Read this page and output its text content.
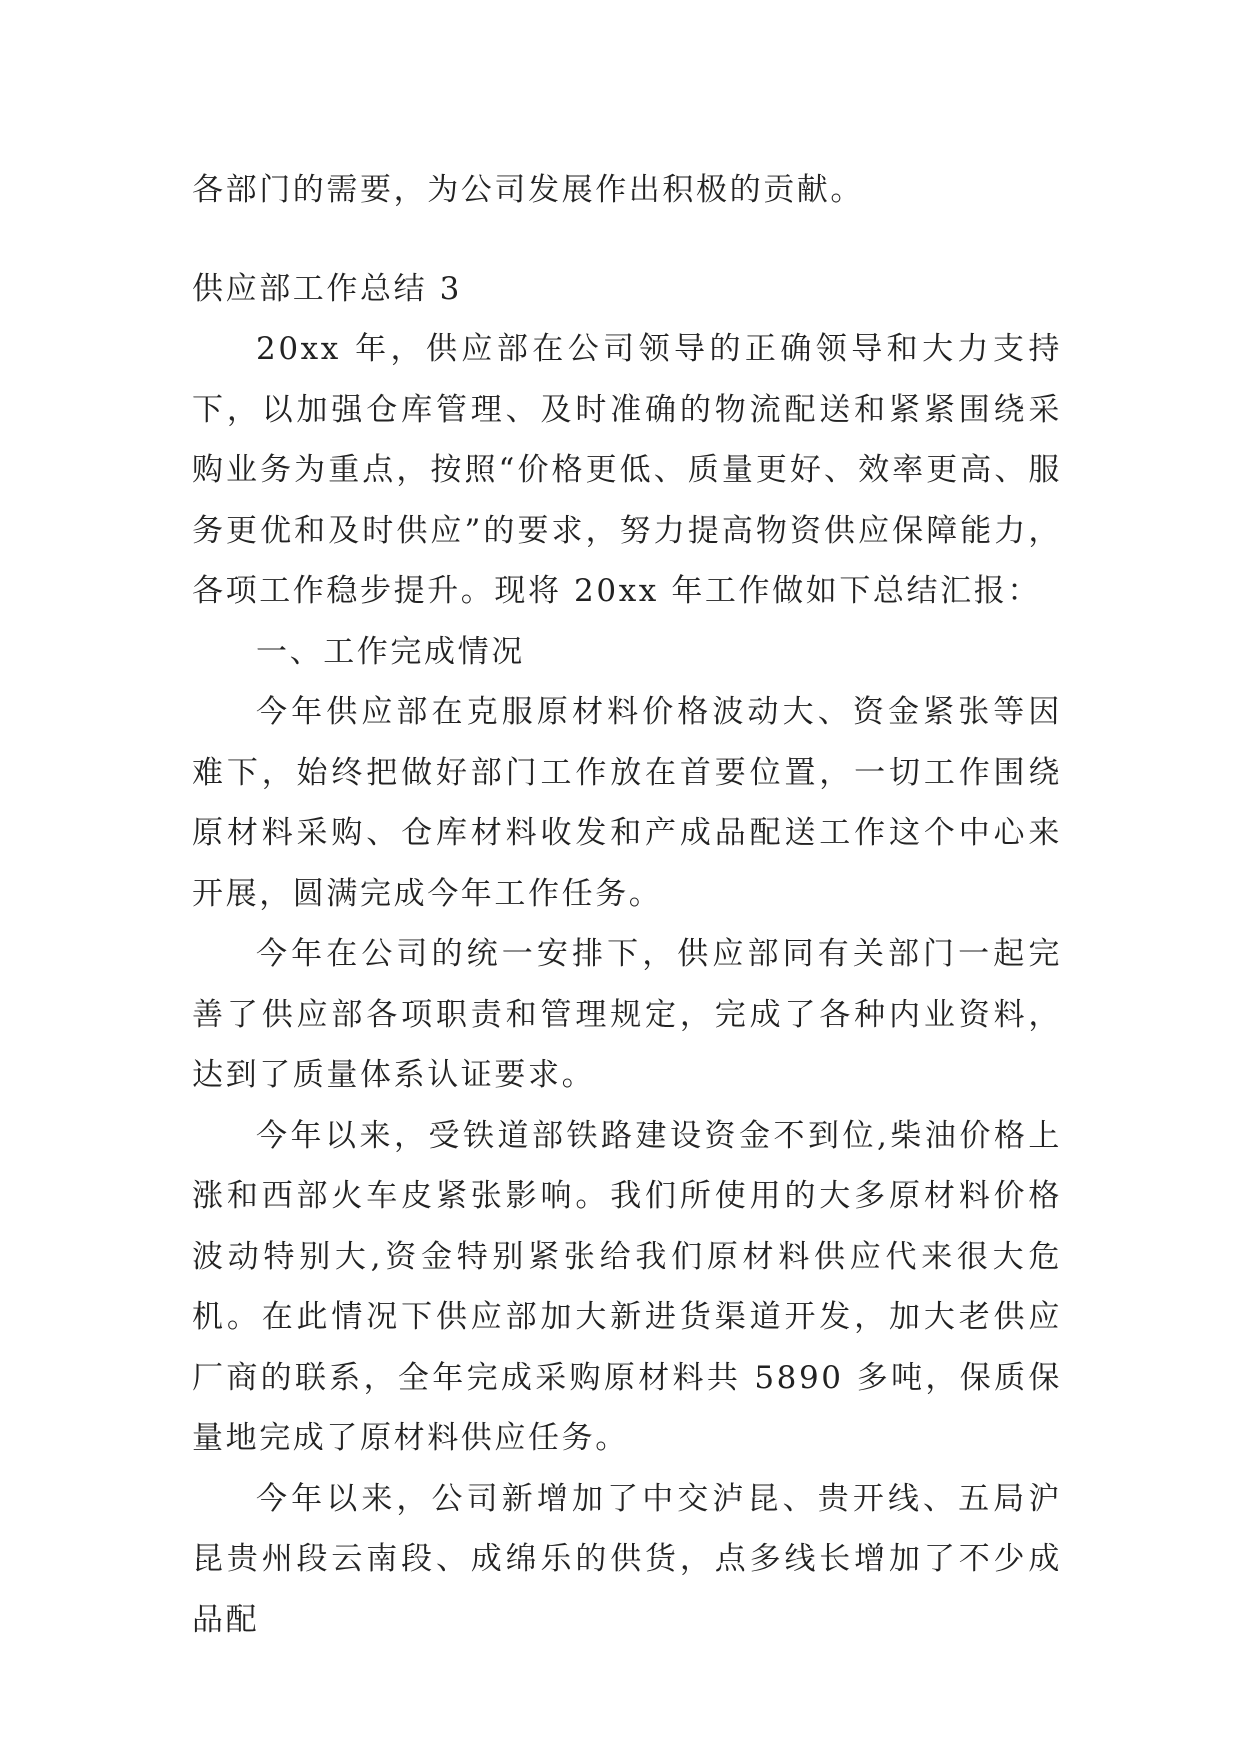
各部门的需要，为公司发展作出积极的贡献。

供应部工作总结 3

20xx 年，供应部在公司领导的正确领导和大力支持下，以加强仓库管理、及时准确的物流配送和紧紧围绕采购业务为重点，按照“价格更低、质量更好、效率更高、服务更优和及时供应”的要求，努力提高物资供应保障能力，各项工作稳步提升。现将 20xx 年工作做如下总结汇报：

一、工作完成情况

今年供应部在克服原材料价格波动大、资金紧张等因难下，始终把做好部门工作放在首要位置，一切工作围绕原材料采购、仓库材料收发和产成品配送工作这个中心来开展，圆满完成今年工作任务。

今年在公司的统一安排下，供应部同有关部门一起完善了供应部各项职责和管理规定，完成了各种内业资料，达到了质量体系认证要求。

今年以来，受铁道部铁路建设资金不到位,柴油价格上涨和西部火车皮紧张影响。我们所使用的大多原材料价格波动特别大,资金特别紧张给我们原材料供应代来很大危机。在此情况下供应部加大新进货渠道开发，加大老供应厂商的联系，全年完成采购原材料共 5890 多吨，保质保量地完成了原材料供应任务。

今年以来，公司新增加了中交泸昆、贵开线、五局沪昆贵州段云南段、成绵乐的供货，点多线长增加了不少成品配
